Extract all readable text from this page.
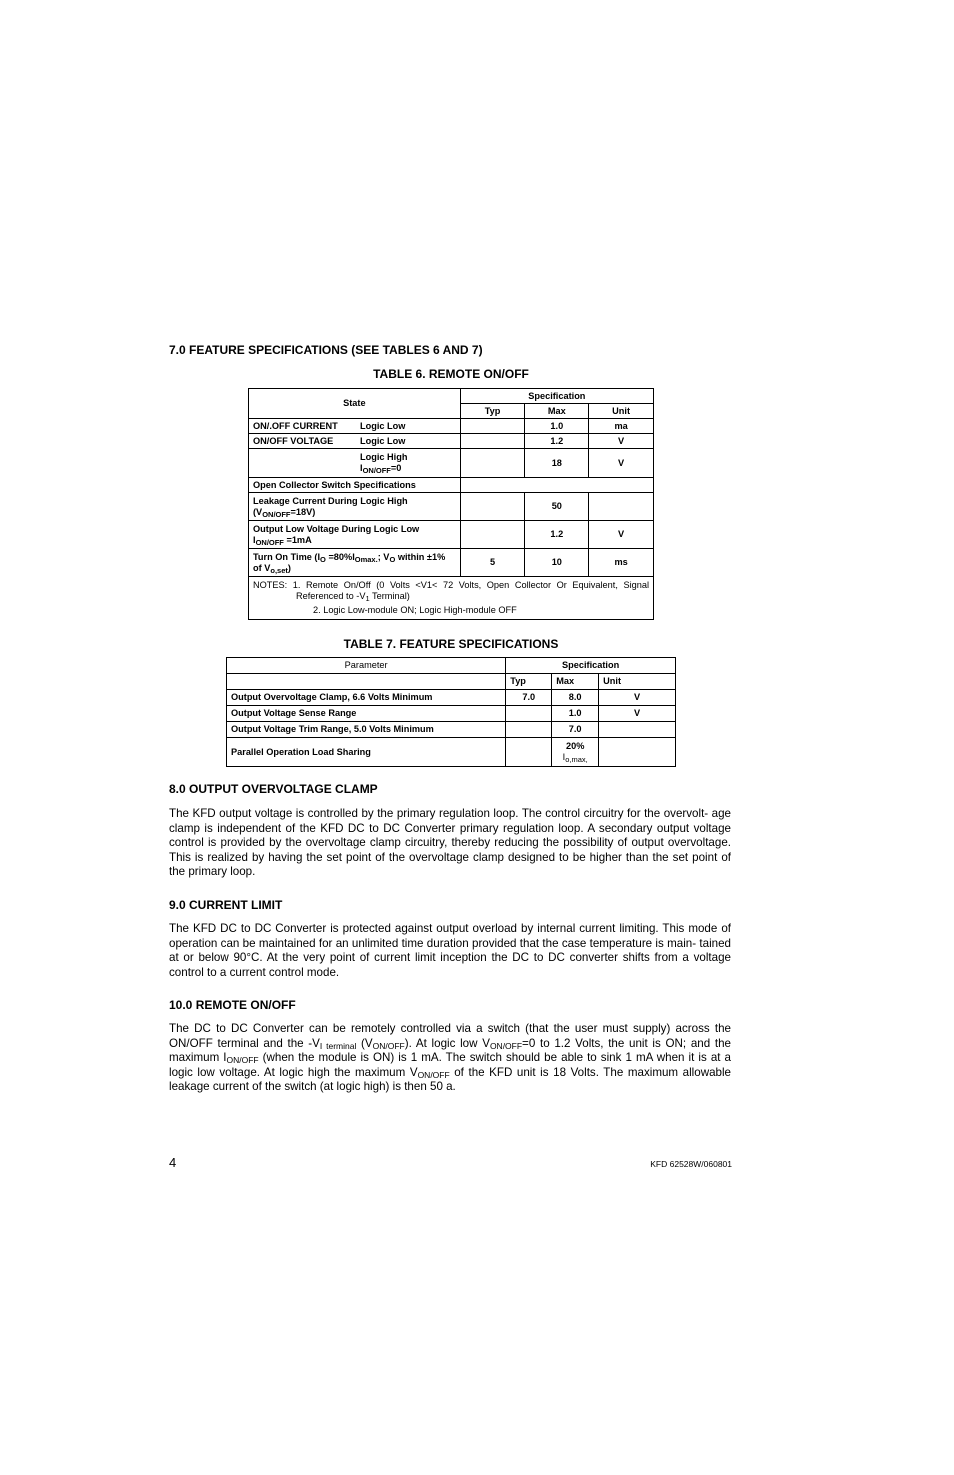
7.0 FEATURE SPECIFICATIONS (SEE TABLES 6 AND 7)
TABLE 6. REMOTE ON/OFF
State	Specification		
	Typ	Max	Unit
ON/.OFF CURRENT Logic Low		1.0	ma
ON/OFF VOLTAGE Logic Low		1.2	V
Logic High
$I_{ON/OFF}=0$		18	V
Open Collector Switch Specifications			
Leakage Current During Logic High
$(V_{ON/OFF}=18V)$		50	
Output Low Voltage During Logic Low
$I_{ON/OFF} =1mA$		1.2	V
Turn On Time ($I_O =80\%I_{Omax.}$; $V_O$ within ±1%
of $V_{o,set}$)	5	10	ms

NOTES: 1. Remote On/Off (0 Volts <V1< 72 Volts, Open Collector Or Equivalent, Signal Referenced to $-V_1$ Terminal)
2. Logic Low-module ON; Logic High-module OFF			
TABLE 7. FEATURE SPECIFICATIONS
Parameter	Specification		
	Typ	Max	Unit
Output Overvoltage Clamp, 6.6 Volts Minimum	7.0	8.0	V
Output Voltage Sense Range		1.0	V
Output Voltage Trim Range, 5.0 Volts Minimum		7.0	
Parallel Operation Load Sharing		20%
$I_{o,max,}$	
8.0 OUTPUT OVERVOLTAGE CLAMP

The KFD output voltage is controlled by the primary regulation loop. The control circuitry for the overvolt- age clamp is independent of the KFD DC to DC Converter primary regulation loop. A secondary output voltage control is provided by the overvoltage clamp circuitry, thereby reducing the possibility of output overvoltage. This is realized by having the set point of the overvoltage clamp designed to be higher than the set point of the primary loop.

9.0 CURRENT LIMIT

The KFD DC to DC Converter is protected against output overload by internal current limiting. This mode of operation can be maintained for an unlimited time duration provided that the case temperature is main- tained at or below 90°C. At the very point of current limit inception the DC to DC converter shifts from a voltage control to a current control mode.

10.0 REMOTE ON/OFF

The DC to DC Converter can be remotely controlled via a switch (that the user must supply) across the ON/OFF terminal and the $-V_{I terminal}$ $(V_{ON/OFF})$. At logic low $V_{ON/OFF}=0$ to 1.2 Volts, the unit is ON; and the maximum $I_{ON/OFF}$ (when the module is ON) is 1 mA. The switch should be able to sink 1 mA when it is at a logic low voltage. At logic high the maximum $V_{ON/OFF}$ of the KFD unit is 18 Volts. The maximum allowable leakage current of the switch (at logic high) is then 50 a.

4	KFD 62528W/060801
